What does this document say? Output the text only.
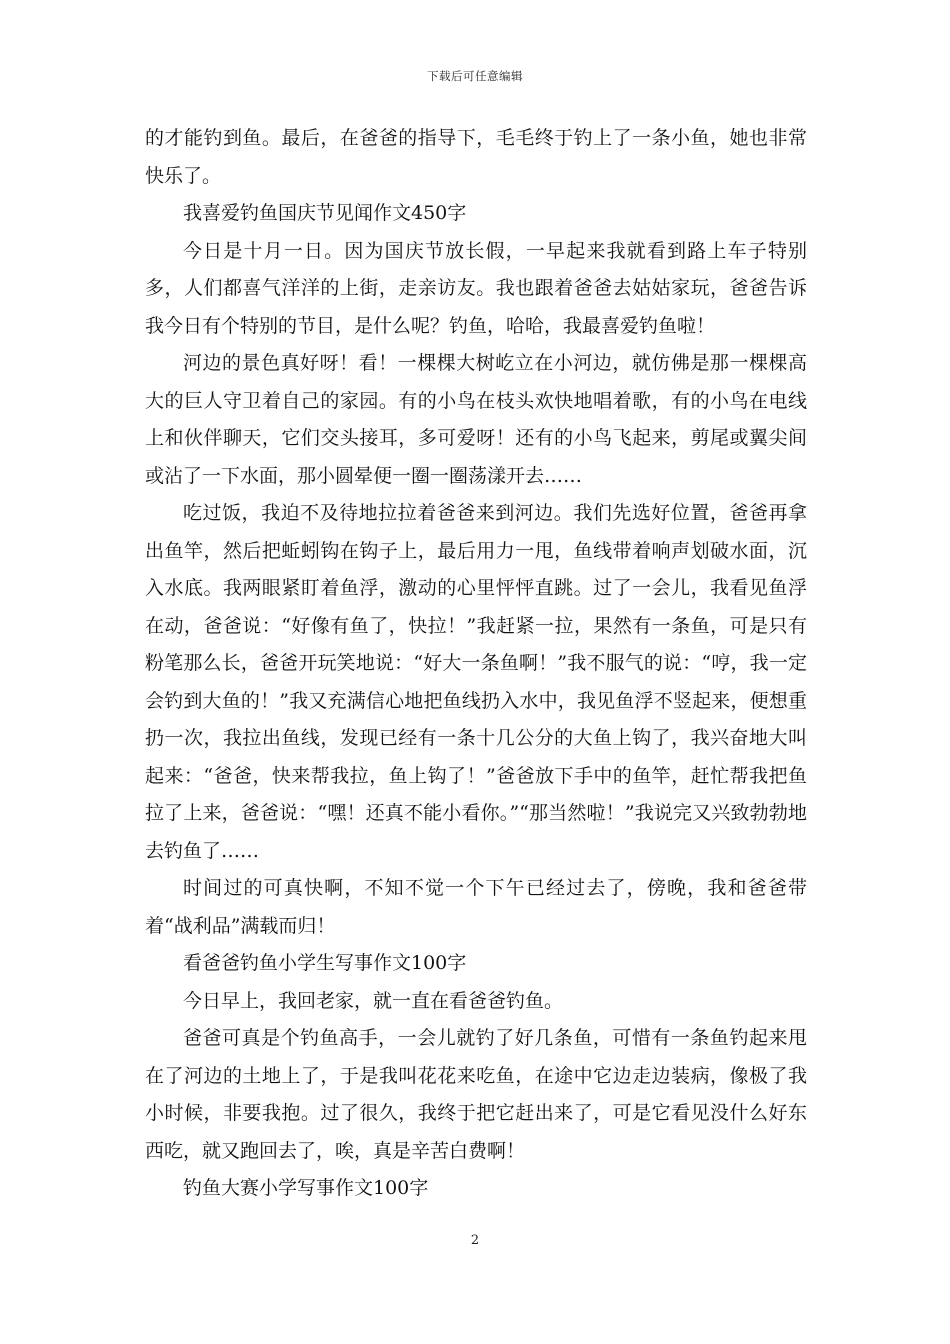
下载后可任意编辑

的才能钓到鱼。最后，在爸爸的指导下，毛毛终于钓上了一条小鱼，她也非常快乐了。

我喜爱钓鱼国庆节见闻作文450字

今日是十月一日。因为国庆节放长假，一早起来我就看到路上车子特别多，人们都喜气洋洋的上街，走亲访友。我也跟着爸爸去姑姑家玩，爸爸告诉我今日有个特别的节目，是什么呢？钓鱼，哈哈，我最喜爱钓鱼啦！

河边的景色真好呀！看！一棵棵大树屹立在小河边，就仿佛是那一棵棵高大的巨人守卫着自己的家园。有的小鸟在枝头欢快地唱着歌，有的小鸟在电线上和伙伴聊天，它们交头接耳，多可爱呀！还有的小鸟飞起来，剪尾或翼尖间或沾了一下水面，那小圆晕便一圈一圈荡漾开去……

吃过饭，我迫不及待地拉拉着爸爸来到河边。我们先选好位置，爸爸再拿出鱼竿，然后把蚯蚓钩在钩子上，最后用力一甩，鱼线带着响声划破水面，沉入水底。我两眼紧盯着鱼浮，激动的心里怦怦直跳。过了一会儿，我看见鱼浮在动，爸爸说：“好像有鱼了，快拉！”我赶紧一拉，果然有一条鱼，可是只有粉笔那么长，爸爸开玩笑地说：“好大一条鱼啊！”我不服气的说：“哼，我一定会钓到大鱼的！”我又充满信心地把鱼线扔入水中，我见鱼浮不竖起来，便想重扔一次，我拉出鱼线，发现已经有一条十几公分的大鱼上钩了，我兴奋地大叫起来：“爸爸，快来帮我拉，鱼上钩了！”爸爸放下手中的鱼竿，赶忙帮我把鱼拉了上来，爸爸说：“嘿！还真不能小看你。”“那当然啦！”我说完又兴致勃勃地去钓鱼了……

时间过的可真快啊，不知不觉一个下午已经过去了，傍晚，我和爸爸带着“战利品”满载而归！

看爸爸钓鱼小学生写事作文100字

今日早上，我回老家，就一直在看爸爸钓鱼。

爸爸可真是个钓鱼高手，一会儿就钓了好几条鱼，可惜有一条鱼钓起来甩在了河边的土地上了，于是我叫花花来吃鱼，在途中它边走边装病，像极了我小时候，非要我抱。过了很久，我终于把它赶出来了，可是它看见没什么好东西吃，就又跑回去了，唉，真是辛苦白费啊！

钓鱼大赛小学写事作文100字

2
